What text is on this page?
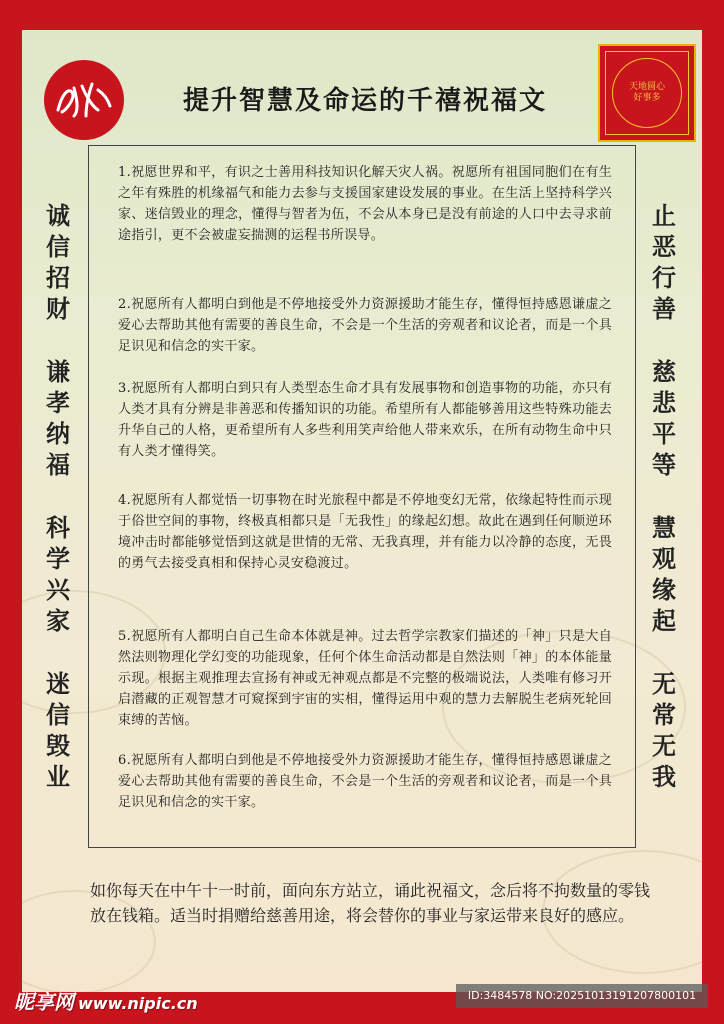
提升智慧及命运的千禧祝福文	天地圆心好事多
诚
信
招
财
谦
孝
纳
福
科
学
兴
家
迷
信
毁
业
止
恶
行
善
慈
悲
平
等
慧
观
缘
起
无
常
无
我
1.祝愿世界和平，有识之士善用科技知识化解天灾人祸。祝愿所有祖国同胞们在有生之年有殊胜的机缘福气和能力去参与支援国家建设发展的事业。在生活上坚持科学兴家、迷信毁业的理念，懂得与智者为伍，不会从本身已是没有前途的人口中去寻求前途指引，更不会被虚妄揣测的运程书所误导。
2.祝愿所有人都明白到他是不停地接受外力资源援助才能生存，懂得恒持感恩谦虚之爱心去帮助其他有需要的善良生命，不会是一个生活的旁观者和议论者，而是一个具足识见和信念的实干家。
3.祝愿所有人都明白到只有人类型态生命才具有发展事物和创造事物的功能，亦只有人类才具有分辨是非善恶和传播知识的功能。希望所有人都能够善用这些特殊功能去升华自己的人格，更希望所有人多些利用笑声给他人带来欢乐，在所有动物生命中只有人类才懂得笑。
4.祝愿所有人都觉悟一切事物在时光旅程中都是不停地变幻无常，依缘起特性而示现于俗世空间的事物，终极真相都只是「无我性」的缘起幻想。故此在遇到任何顺逆环境冲击时都能够觉悟到这就是世情的无常、无我真理，并有能力以冷静的态度，无畏的勇气去接受真相和保持心灵安稳渡过。
5.祝愿所有人都明白自己生命本体就是神。过去哲学宗教家们描述的「神」只是大自然法则物理化学幻变的功能现象，任何个体生命活动都是自然法则「神」的本体能量示现。根据主观推理去宣扬有神或无神观点都是不完整的极端说法，人类唯有修习开启潜藏的正观智慧才可窥探到宇宙的实相，懂得运用中观的慧力去解脱生老病死轮回束缚的苦恼。
6.祝愿所有人都明白到他是不停地接受外力资源援助才能生存，懂得恒持感恩谦虚之爱心去帮助其他有需要的善良生命，不会是一个生活的旁观者和议论者，而是一个具足识见和信念的实干家。
如你每天在中午十一时前，面向东方站立，诵此祝福文，念后将不拘数量的零钱放在钱箱。适当时捐赠给慈善用途，将会替你的事业与家运带来良好的感应。
昵享网 www.nipic.cn	ID:3484578 NO:20251013191207800101
